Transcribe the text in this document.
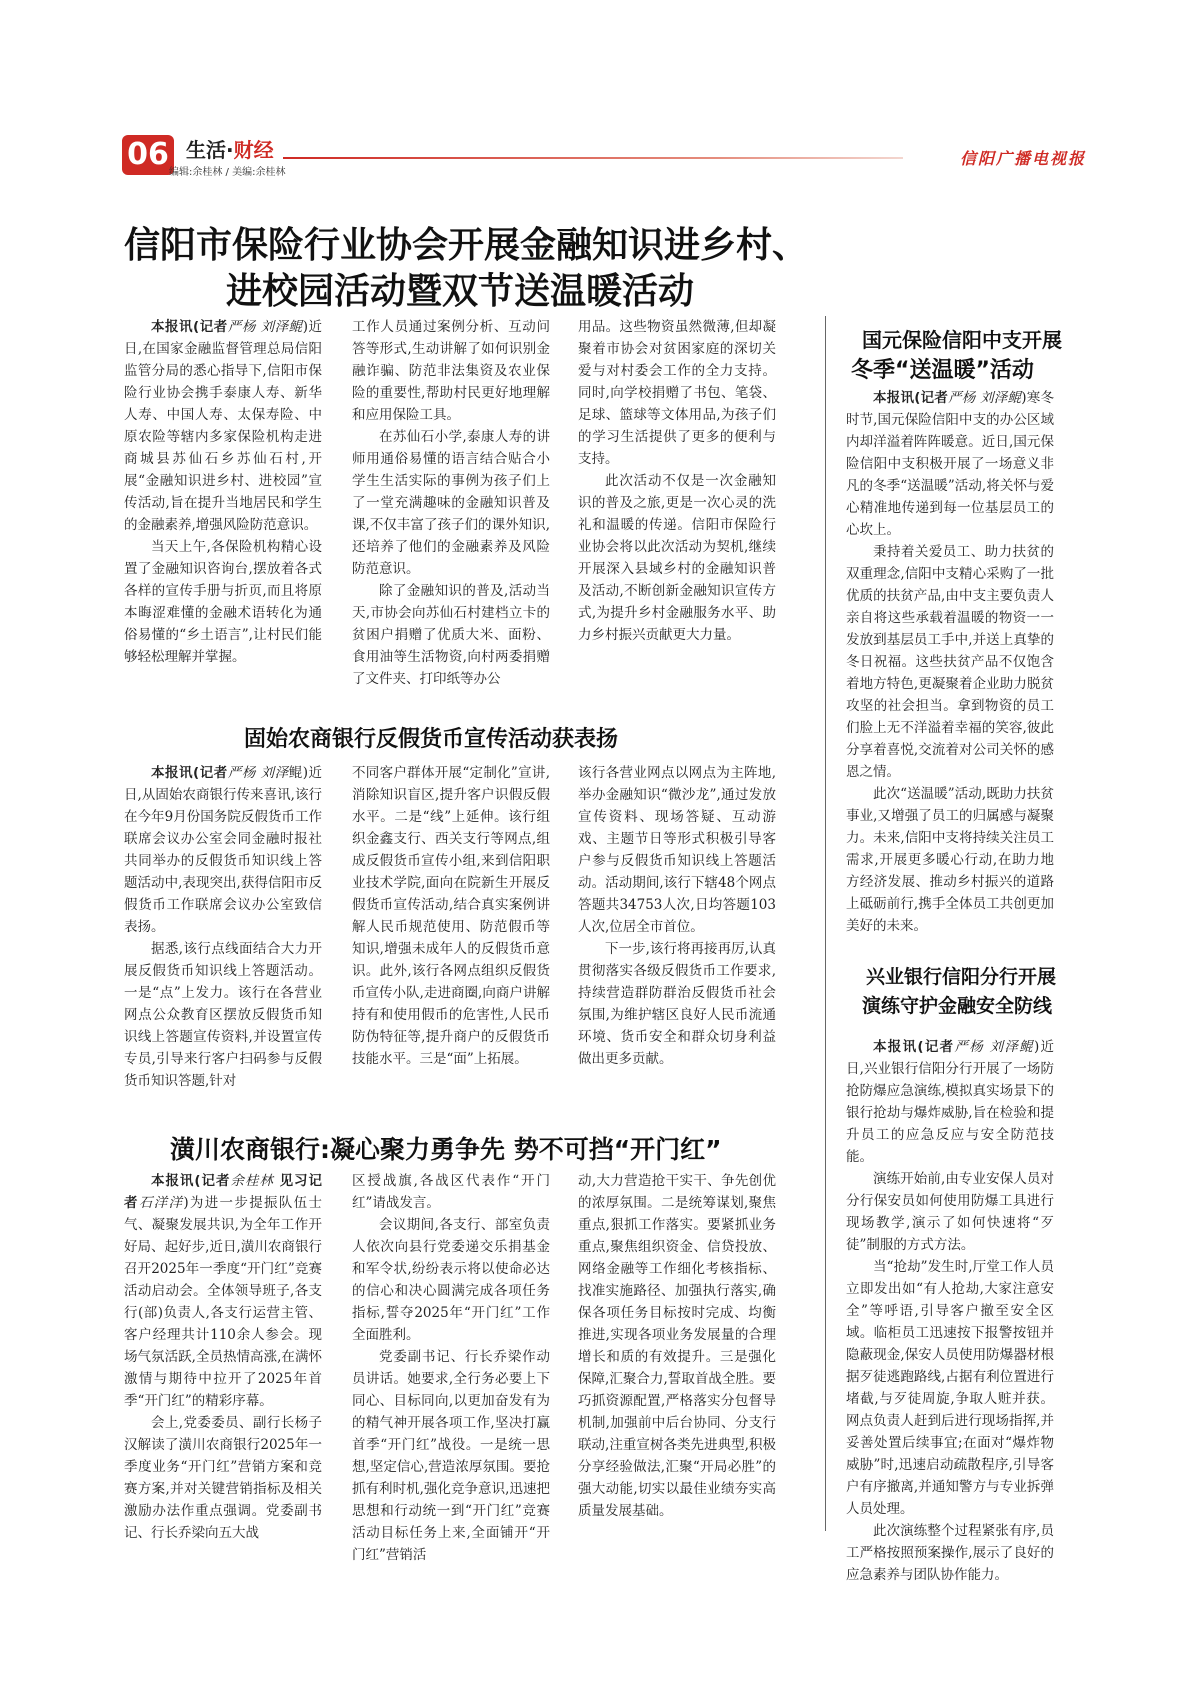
06 生活·财经
编辑:余桂林 / 美编:余桂林
信阳广播电视报
信阳市保险行业协会开展金融知识进乡村、
进校园活动暨双节送温暖活动

本报讯(记者严杨 刘泽鲲)近日,在国家金融监督管理总局信阳监管分局的悉心指导下,信阳市保险行业协会携手泰康人寿、新华人寿、中国人寿、太保寿险、中原农险等辖内多家保险机构走进商城县苏仙石乡苏仙石村,开展“金融知识进乡村、进校园”宣传活动,旨在提升当地居民和学生的金融素养,增强风险防范意识。

当天上午,各保险机构精心设置了金融知识咨询台,摆放着各式各样的宣传手册与折页,而且将原本晦涩难懂的金融术语转化为通俗易懂的“乡土语言”,让村民们能够轻松理解并掌握。

工作人员通过案例分析、互动问答等形式,生动讲解了如何识别金融诈骗、防范非法集资及农业保险的重要性,帮助村民更好地理解和应用保险工具。

在苏仙石小学,泰康人寿的讲师用通俗易懂的语言结合贴合小学生生活实际的事例为孩子们上了一堂充满趣味的金融知识普及课,不仅丰富了孩子们的课外知识,还培养了他们的金融素养及风险防范意识。

除了金融知识的普及,活动当天,市协会向苏仙石村建档立卡的贫困户捐赠了优质大米、面粉、食用油等生活物资,向村两委捐赠了文件夹、打印纸等办公

用品。这些物资虽然微薄,但却凝聚着市协会对贫困家庭的深切关爱与对村委会工作的全力支持。同时,向学校捐赠了书包、笔袋、足球、篮球等文体用品,为孩子们的学习生活提供了更多的便利与支持。

此次活动不仅是一次金融知识的普及之旅,更是一次心灵的洗礼和温暖的传递。信阳市保险行业协会将以此次活动为契机,继续开展深入县域乡村的金融知识普及活动,不断创新金融知识宣传方式,为提升乡村金融服务水平、助力乡村振兴贡献更大力量。

固始农商银行反假货币宣传活动获表扬

本报讯(记者严杨 刘泽鲲)近日,从固始农商银行传来喜讯,该行在今年9月份国务院反假货币工作联席会议办公室会同金融时报社共同举办的反假货币知识线上答题活动中,表现突出,获得信阳市反假货币工作联席会议办公室致信表扬。

据悉,该行点线面结合大力开展反假货币知识线上答题活动。一是“点”上发力。该行在各营业网点公众教育区摆放反假货币知识线上答题宣传资料,并设置宣传专员,引导来行客户扫码参与反假货币知识答题,针对

不同客户群体开展“定制化”宣讲,消除知识盲区,提升客户识假反假水平。二是“线”上延伸。该行组织金鑫支行、西关支行等网点,组成反假货币宣传小组,来到信阳职业技术学院,面向在院新生开展反假货币宣传活动,结合真实案例讲解人民币规范使用、防范假币等知识,增强未成年人的反假货币意识。此外,该行各网点组织反假货币宣传小队,走进商圈,向商户讲解持有和使用假币的危害性,人民币防伪特征等,提升商户的反假货币技能水平。三是“面”上拓展。

该行各营业网点以网点为主阵地,举办金融知识“微沙龙”,通过发放宣传资料、现场答疑、互动游戏、主题节日等形式积极引导客户参与反假货币知识线上答题活动。活动期间,该行下辖48个网点答题共34753人次,日均答题103人次,位居全市首位。

下一步,该行将再接再厉,认真贯彻落实各级反假货币工作要求,持续营造群防群治反假货币社会氛围,为维护辖区良好人民币流通环境、货币安全和群众切身利益做出更多贡献。

潢川农商银行:凝心聚力勇争先 势不可挡“开门红”

本报讯(记者余桂林 见习记者石洋洋)为进一步提振队伍士气、凝聚发展共识,为全年工作开好局、起好步,近日,潢川农商银行召开2025年一季度“开门红”竞赛活动启动会。全体领导班子,各支行(部)负责人,各支行运营主管、客户经理共计110余人参会。现场气氛活跃,全员热情高涨,在满怀激情与期待中拉开了2025年首季“开门红”的精彩序幕。

会上,党委委员、副行长杨子汉解读了潢川农商银行2025年一季度业务“开门红”营销方案和竞赛方案,并对关键营销指标及相关激励办法作重点强调。党委副书记、行长乔梁向五大战

区授战旗,各战区代表作“开门红”请战发言。

会议期间,各支行、部室负责人依次向县行党委递交乐捐基金和军令状,纷纷表示将以使命必达的信心和决心圆满完成各项任务指标,誓夺2025年“开门红”工作全面胜利。

党委副书记、行长乔梁作动员讲话。她要求,全行务必要上下同心、目标同向,以更加奋发有为的精气神开展各项工作,坚决打赢首季“开门红”战役。一是统一思想,坚定信心,营造浓厚氛围。要抢抓有利时机,强化竞争意识,迅速把思想和行动统一到“开门红”竞赛活动目标任务上来,全面铺开“开门红”营销活

动,大力营造抢干实干、争先创优的浓厚氛围。二是统筹谋划,聚焦重点,狠抓工作落实。要紧抓业务重点,聚焦组织资金、信贷投放、网络金融等工作细化考核指标、找准实施路径、加强执行落实,确保各项任务目标按时完成、均衡推进,实现各项业务发展量的合理增长和质的有效提升。三是强化保障,汇聚合力,誓取首战全胜。要巧抓资源配置,严格落实分包督导机制,加强前中后台协同、分支行联动,注重宣树各类先进典型,积极分享经验做法,汇聚“开局必胜”的强大动能,切实以最佳业绩夯实高质量发展基础。

国元保险信阳中支开展
冬季“送温暖”活动

本报讯(记者严杨 刘泽鲲)寒冬时节,国元保险信阳中支的办公区域内却洋溢着阵阵暖意。近日,国元保险信阳中支积极开展了一场意义非凡的冬季“送温暖”活动,将关怀与爱心精准地传递到每一位基层员工的心坎上。

秉持着关爱员工、助力扶贫的双重理念,信阳中支精心采购了一批优质的扶贫产品,由中支主要负责人亲自将这些承载着温暖的物资一一发放到基层员工手中,并送上真挚的冬日祝福。这些扶贫产品不仅饱含着地方特色,更凝聚着企业助力脱贫攻坚的社会担当。拿到物资的员工们脸上无不洋溢着幸福的笑容,彼此分享着喜悦,交流着对公司关怀的感恩之情。

此次“送温暖”活动,既助力扶贫事业,又增强了员工的归属感与凝聚力。未来,信阳中支将持续关注员工需求,开展更多暖心行动,在助力地方经济发展、推动乡村振兴的道路上砥砺前行,携手全体员工共创更加美好的未来。

兴业银行信阳分行开展
演练守护金融安全防线

本报讯(记者严杨 刘泽鲲)近日,兴业银行信阳分行开展了一场防抢防爆应急演练,模拟真实场景下的银行抢劫与爆炸威胁,旨在检验和提升员工的应急反应与安全防范技能。

演练开始前,由专业安保人员对分行保安员如何使用防爆工具进行现场教学,演示了如何快速将“歹徒”制服的方式方法。

当“抢劫”发生时,厅堂工作人员立即发出如“有人抢劫,大家注意安全”等呼语,引导客户撤至安全区域。临柜员工迅速按下报警按钮并隐蔽现金,保安人员使用防爆器材根据歹徒逃跑路线,占据有利位置进行堵截,与歹徒周旋,争取人赃并获。网点负责人赶到后进行现场指挥,并妥善处置后续事宜;在面对“爆炸物威胁”时,迅速启动疏散程序,引导客户有序撤离,并通知警方与专业拆弹人员处理。

此次演练整个过程紧张有序,员工严格按照预案操作,展示了良好的应急素养与团队协作能力。
